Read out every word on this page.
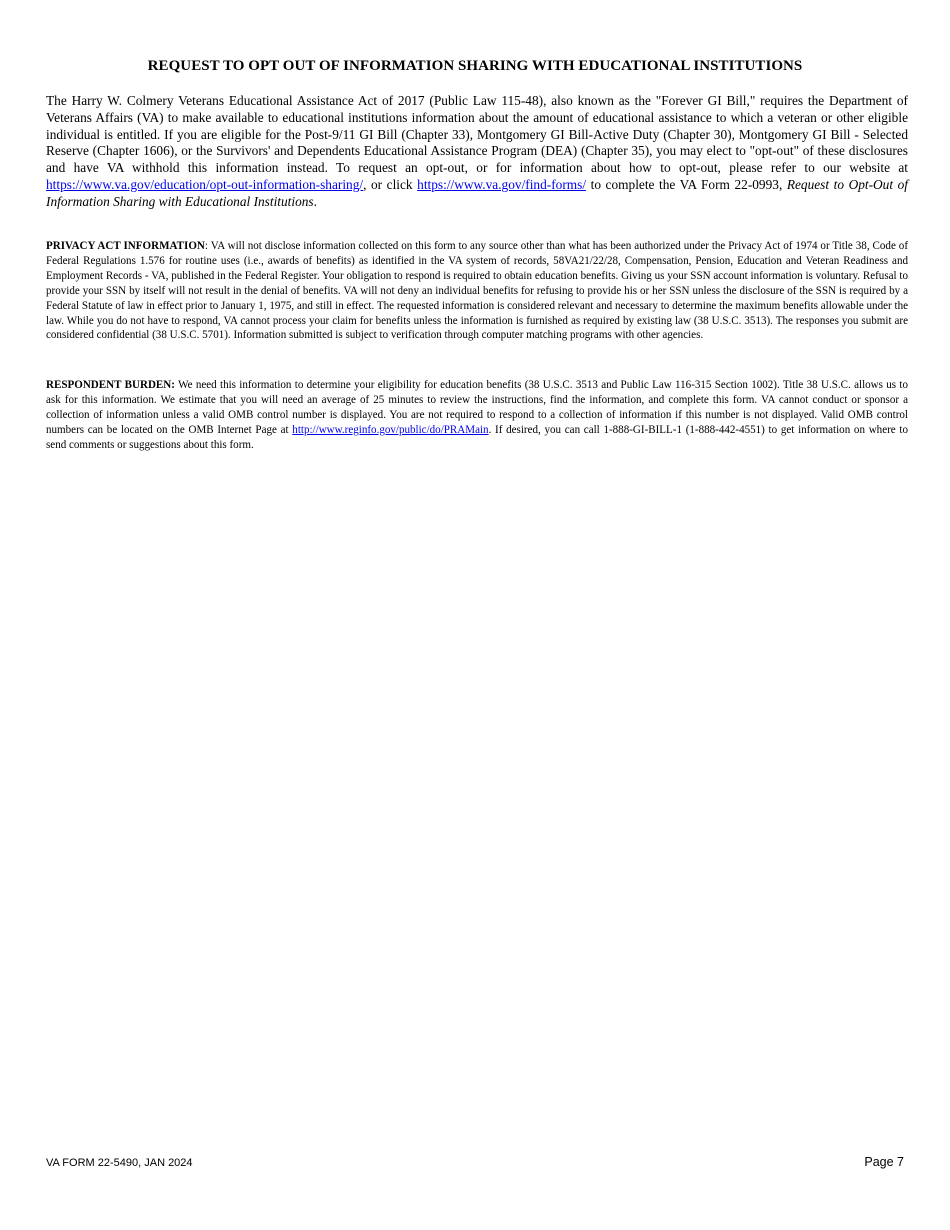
REQUEST TO OPT OUT OF INFORMATION SHARING WITH EDUCATIONAL INSTITUTIONS
The Harry W. Colmery Veterans Educational Assistance Act of 2017 (Public Law 115-48), also known as the "Forever GI Bill," requires the Department of Veterans Affairs (VA) to make available to educational institutions information about the amount of educational assistance to which a veteran or other eligible individual is entitled. If you are eligible for the Post-9/11 GI Bill (Chapter 33), Montgomery GI Bill-Active Duty (Chapter 30), Montgomery GI Bill - Selected Reserve (Chapter 1606), or the Survivors' and Dependents Educational Assistance Program (DEA) (Chapter 35), you may elect to "opt-out" of these disclosures and have VA withhold this information instead. To request an opt-out, or for information about how to opt-out, please refer to our website at https://www.va.gov/education/opt-out-information-sharing/, or click https://www.va.gov/find-forms/ to complete the VA Form 22-0993, Request to Opt-Out of Information Sharing with Educational Institutions.
PRIVACY ACT INFORMATION: VA will not disclose information collected on this form to any source other than what has been authorized under the Privacy Act of 1974 or Title 38, Code of Federal Regulations 1.576 for routine uses (i.e., awards of benefits) as identified in the VA system of records, 58VA21/22/28, Compensation, Pension, Education and Veteran Readiness and Employment Records - VA, published in the Federal Register. Your obligation to respond is required to obtain education benefits. Giving us your SSN account information is voluntary. Refusal to provide your SSN by itself will not result in the denial of benefits. VA will not deny an individual benefits for refusing to provide his or her SSN unless the disclosure of the SSN is required by a Federal Statute of law in effect prior to January 1, 1975, and still in effect. The requested information is considered relevant and necessary to determine the maximum benefits allowable under the law. While you do not have to respond, VA cannot process your claim for benefits unless the information is furnished as required by existing law (38 U.S.C. 3513). The responses you submit are considered confidential (38 U.S.C. 5701). Information submitted is subject to verification through computer matching programs with other agencies.
RESPONDENT BURDEN: We need this information to determine your eligibility for education benefits (38 U.S.C. 3513 and Public Law 116-315 Section 1002). Title 38 U.S.C. allows us to ask for this information. We estimate that you will need an average of 25 minutes to review the instructions, find the information, and complete this form. VA cannot conduct or sponsor a collection of information unless a valid OMB control number is displayed. You are not required to respond to a collection of information if this number is not displayed. Valid OMB control numbers can be located on the OMB Internet Page at http://www.reginfo.gov/public/do/PRAMain. If desired, you can call 1-888-GI-BILL-1 (1-888-442-4551) to get information on where to send comments or suggestions about this form.
VA FORM 22-5490, JAN 2024	Page 7
